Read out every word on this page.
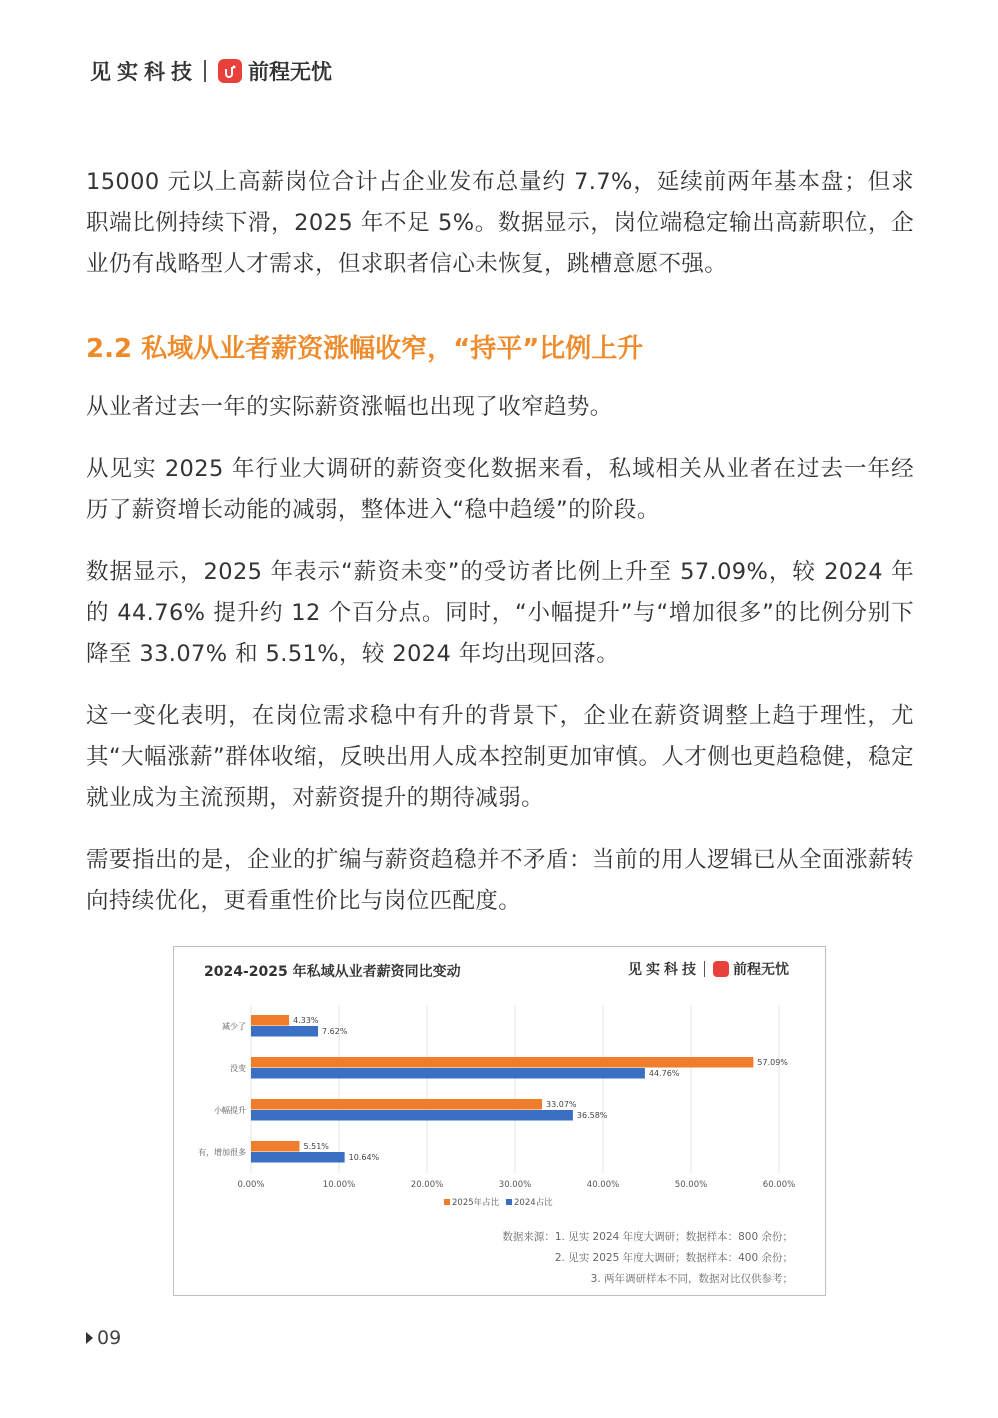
见实科技 前程无忧

15000 元以上高薪岗位合计占企业发布总量约 7.7%，延续前两年基本盘；但求职端比例持续下滑，2025 年不足 5%。数据显示，岗位端稳定输出高薪职位，企业仍有战略型人才需求，但求职者信心未恢复，跳槽意愿不强。

2.2 私域从业者薪资涨幅收窄，“持平”比例上升

从业者过去一年的实际薪资涨幅也出现了收窄趋势。

从见实 2025 年行业大调研的薪资变化数据来看，私域相关从业者在过去一年经历了薪资增长动能的减弱，整体进入“稳中趋缓”的阶段。

数据显示，2025 年表示“薪资未变”的受访者比例上升至 57.09%，较 2024 年的 44.76% 提升约 12 个百分点。同时，“小幅提升”与“增加很多”的比例分别下降至 33.07% 和 5.51%，较 2024 年均出现回落。

这一变化表明，在岗位需求稳中有升的背景下，企业在薪资调整上趋于理性，尤其“大幅涨薪”群体收缩，反映出用人成本控制更加审慎。人才侧也更趋稳健，稳定就业成为主流预期，对薪资提升的期待减弱。

需要指出的是，企业的扩编与薪资趋稳并不矛盾：当前的用人逻辑已从全面涨薪转向持续优化，更看重性价比与岗位匹配度。

2024-2025 年私域从业者薪资同比变动	见实科技 前程无忧
0.00%	10.00%	20.00%	30.00%	40.00%	50.00%	60.00%
减少了
4.33%
7.62%
没变
57.09%
44.76%
小幅提升
33.07%
36.58%
有，增加很多
5.51%
10.64%
2025年占比 2024占比
数据来源：1. 见实 2024 年度大调研；数据样本：800 余份；
2. 见实 2025 年度大调研；数据样本：400 余份；
3. 两年调研样本不同，数据对比仅供参考；
09
